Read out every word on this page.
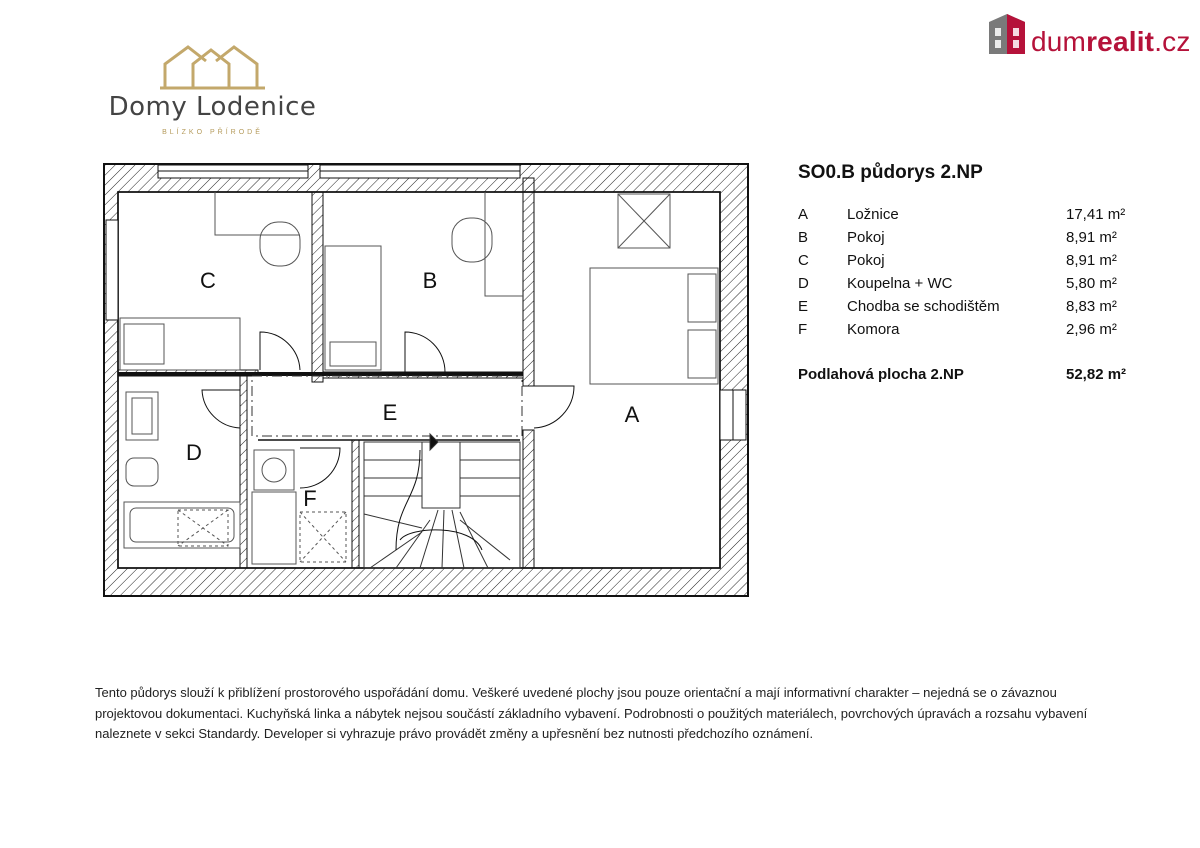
Domy Lodenice
BLÍZKO PŘÍRODĚ
dumrealit.cz
C	B
A
E
D
F
SO0.B půdorys 2.NP
A	Ložnice	17,41 m²
B	Pokoj	8,91 m²
C	Pokoj	8,91 m²
D	Koupelna + WC	5,80 m²
E	Chodba se schodištěm	8,83 m²
F	Komora	2,96 m²
Podlahová plocha 2.NP	52,82 m²
Tento půdorys slouží k přiblížení prostorového uspořádání domu. Veškeré uvedené plochy jsou pouze orientační a mají informativní charakter – nejedná se o závaznou projektovou dokumentaci. Kuchyňská linka a nábytek nejsou součástí základního vybavení. Podrobnosti o použitých materiálech, povrchových úpravách a rozsahu vybavení naleznete v sekci Standardy. Developer si vyhrazuje právo provádět změny a upřesnění bez nutnosti předchozího oznámení.
